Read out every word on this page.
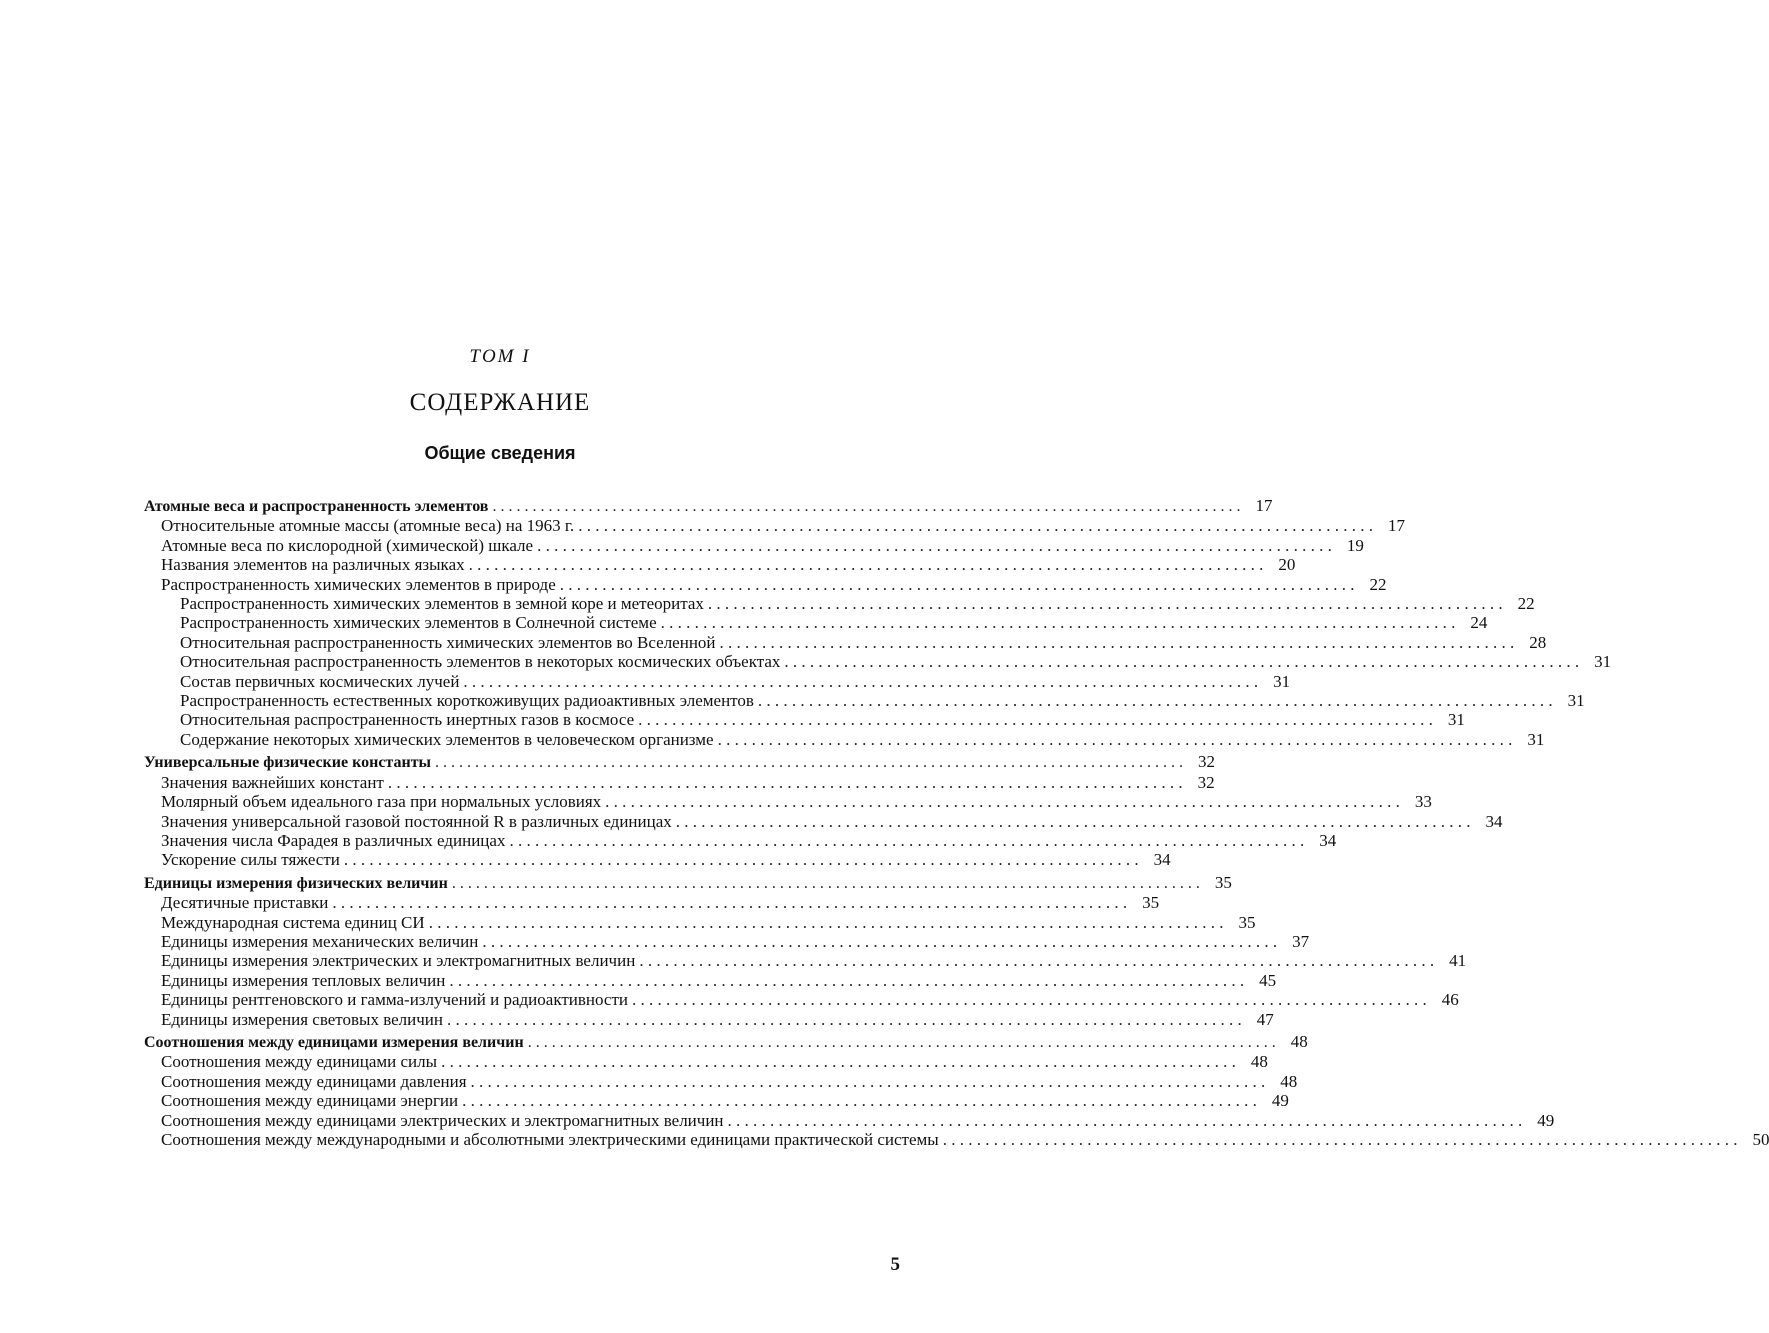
ТОМ I
СОДЕРЖАНИЕ
Общие сведения
Атомные веса и распространенность элементов . . .	17
Относительные атомные массы (атомные веса) на 1963 г. . . .	17
Атомные веса по кислородной (химической) шкале . . .	19
Названия элементов на различных языках . . .	20
Распространенность химических элементов в природе . . .	22
Распространенность химических элементов в земной коре и метеоритах . . .	22
Распространенность химических элементов в Солнечной системе . . .	24
Относительная распространенность химических элементов во Вселенной . . .	28
Относительная распространенность элементов в некоторых космических объектах . . .	31
Состав первичных космических лучей . . .	31
Распространенность естественных короткоживущих радиоактивных элементов . . .	31
Относительная распространенность инертных газов в космосе . . .	31
Содержание некоторых химических элементов в человеческом организме . . .	31
Универсальные физические константы . . .	32
Значения важнейших констант . . .	32
Молярный объем идеального газа при нормальных условиях . . .	33
Значения универсальной газовой постоянной R в различных единицах . . .	34
Значения числа Фарадея в различных единицах . . .	34
Ускорение силы тяжести . . .	34
Единицы измерения физических величин . . .	35
Десятичные приставки . . .	35
Международная система единиц СИ . . .	35
Единицы измерения механических величин . . .	37
Единицы измерения электрических и электромагнитных величин . . .	41
Единицы измерения тепловых величин . . .	45
Единицы рентгеновского и гамма-излучений и радиоактивности . . .	46
Единицы измерения световых величин . . .	47
Соотношения между единицами измерения величин . . .	48
Соотношения между единицами силы . . .	48
Соотношения между единицами давления . . .	48
Соотношения между единицами энергии . . .	49
Соотношения между единицами электрических и электромагнитных величин . . .	49
Соотношения между международными и абсолютными электрическими единицами практической системы . . .	50
5
